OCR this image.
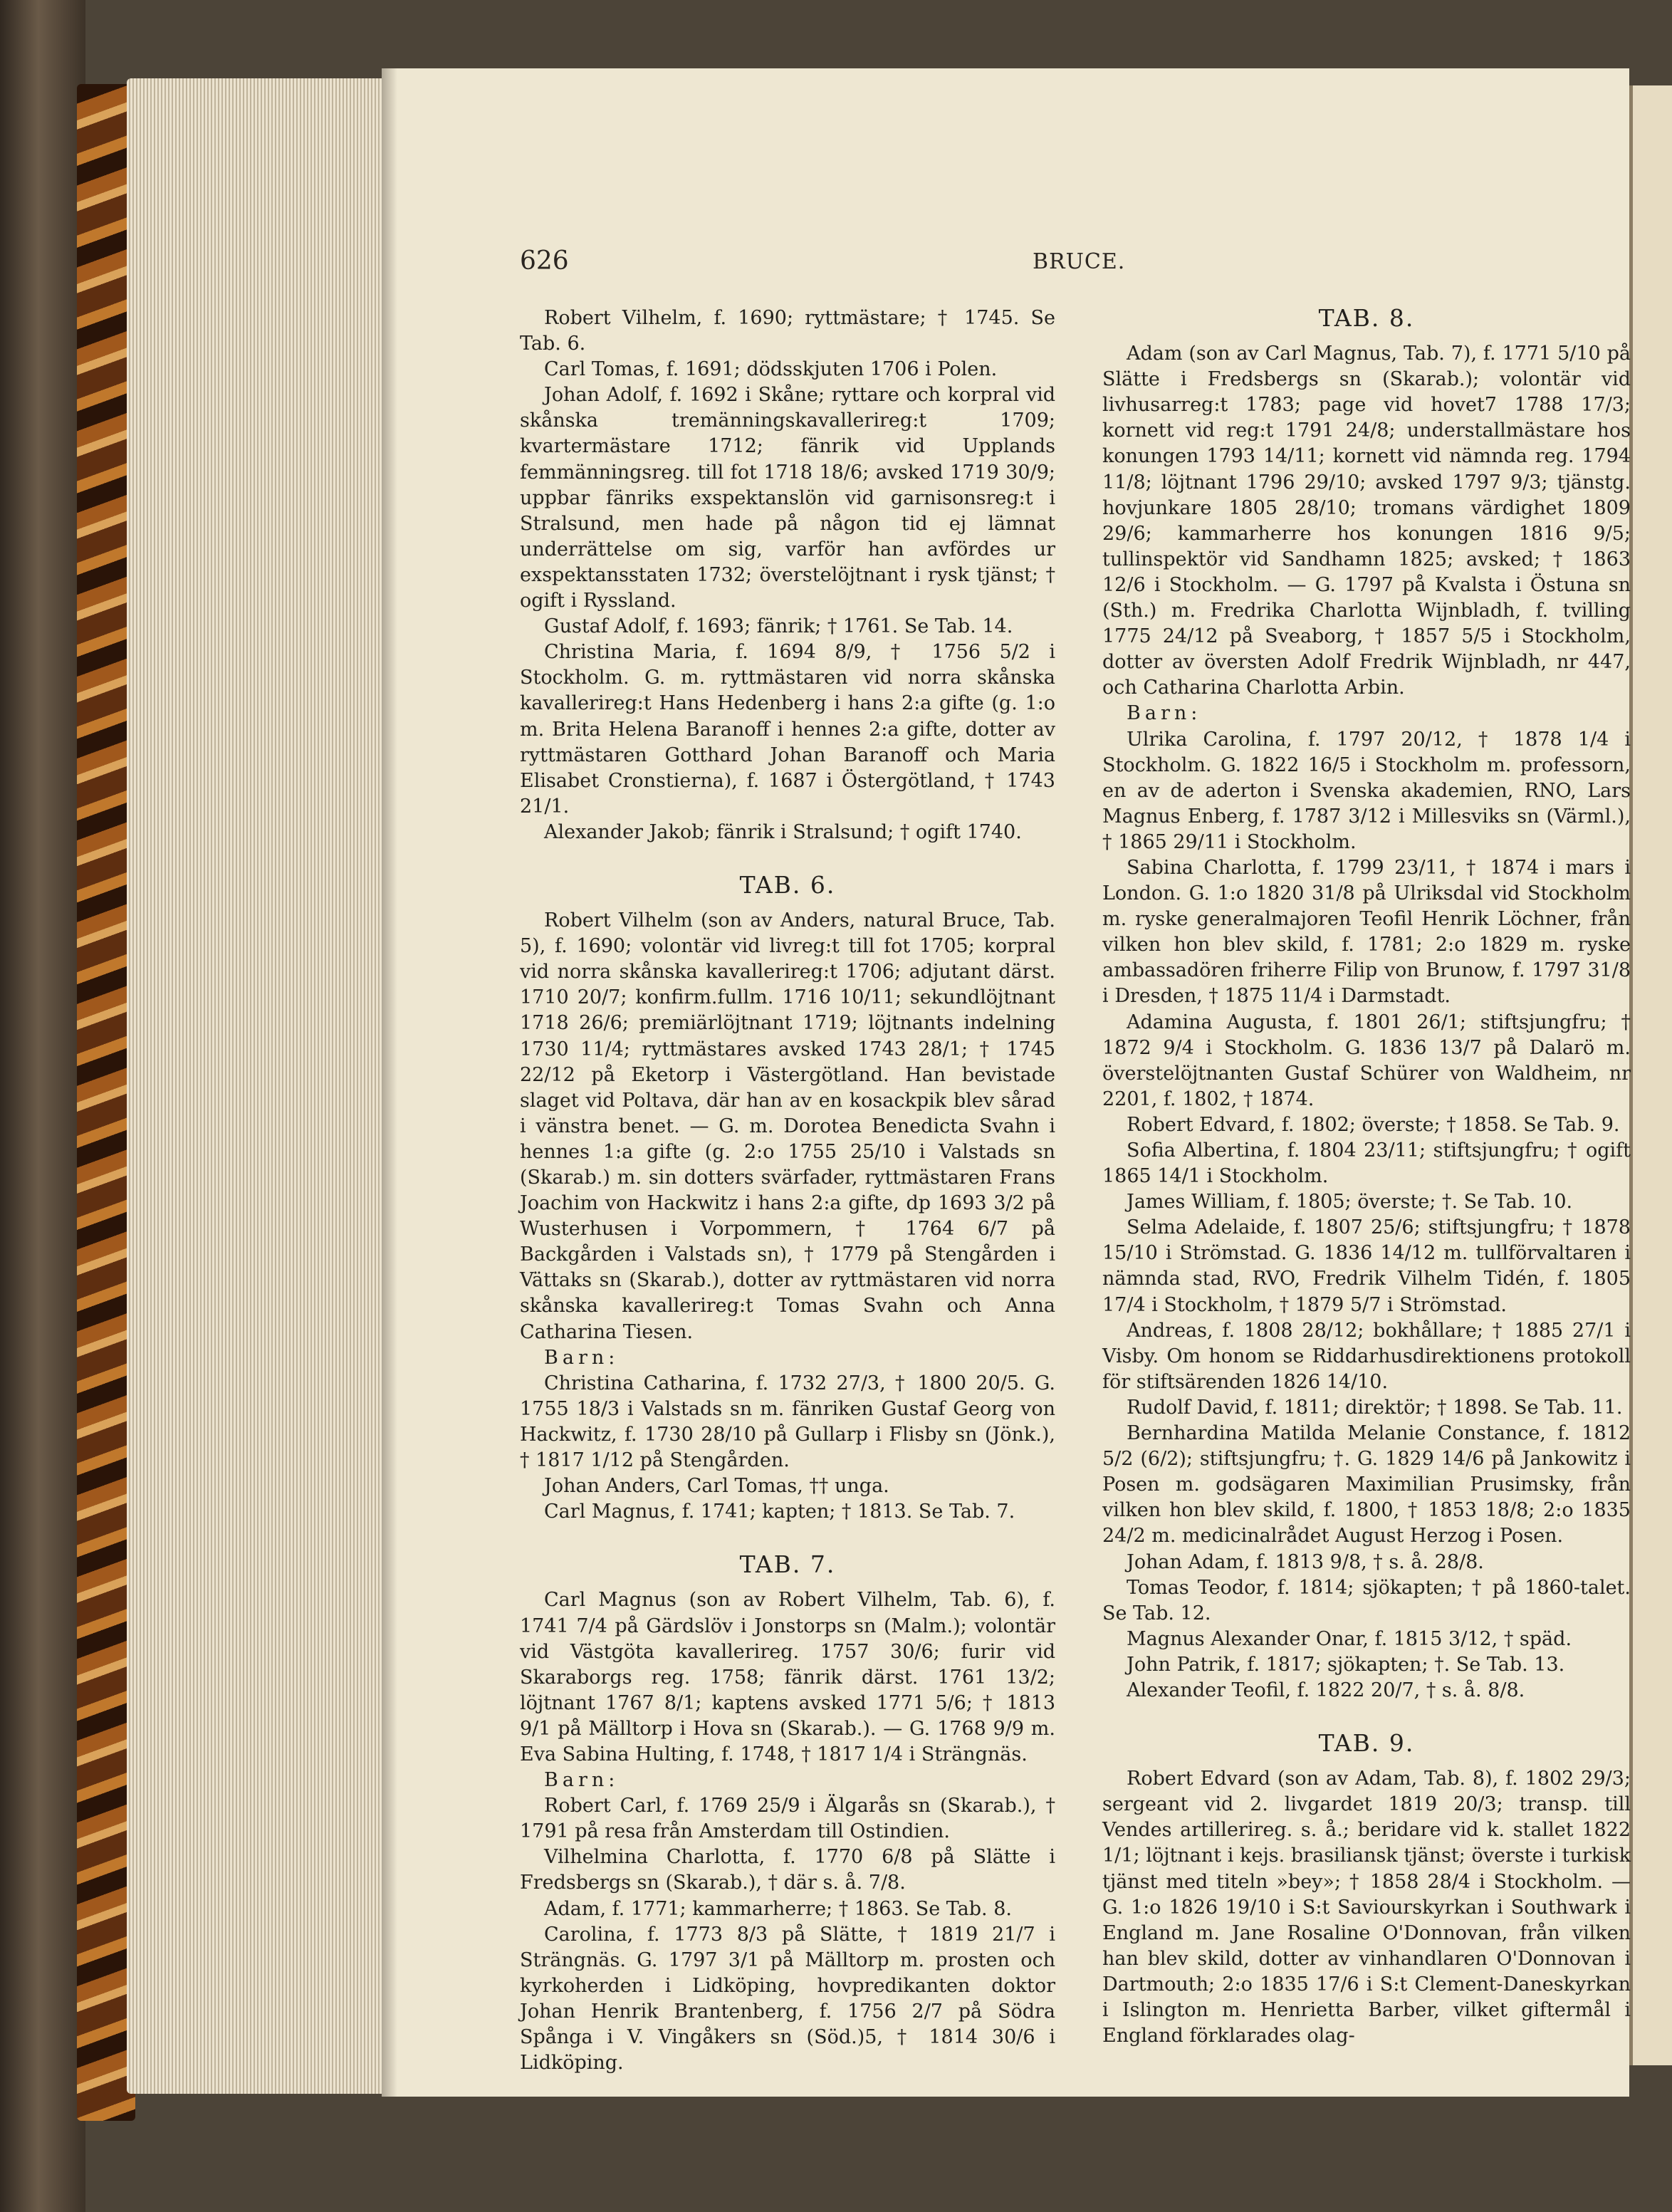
626	BRUCE.

Robert Vilhelm, f. 1690; ryttmästare; † 1745. Se Tab. 6.

Carl Tomas, f. 1691; dödsskjuten 1706 i Polen.

Johan Adolf, f. 1692 i Skåne; ryttare och korpral vid skånska tremänningskavallerireg:t 1709; kvartermästare 1712; fänrik vid Upplands femmänningsreg. till fot 1718 18/6; avsked 1719 30/9; uppbar fänriks exspektanslön vid garnisonsreg:t i Stralsund, men hade på någon tid ej lämnat underrättelse om sig, varför han avfördes ur exspektansstaten 1732; överstelöjtnant i rysk tjänst; † ogift i Ryssland.

Gustaf Adolf, f. 1693; fänrik; † 1761. Se Tab. 14.

Christina Maria, f. 1694 8/9, † 1756 5/2 i Stockholm. G. m. ryttmästaren vid norra skånska kavallerireg:t Hans Hedenberg i hans 2:a gifte (g. 1:o m. Brita Helena Baranoff i hennes 2:a gifte, dotter av ryttmästaren Gotthard Johan Baranoff och Maria Elisabet Cronstierna), f. 1687 i Östergötland, † 1743 21/1.

Alexander Jakob; fänrik i Stralsund; † ogift 1740.

TAB. 6.

Robert Vilhelm (son av Anders, natural Bruce, Tab. 5), f. 1690; volontär vid livreg:t till fot 1705; korpral vid norra skånska kavallerireg:t 1706; adjutant därst. 1710 20/7; konfirm.fullm. 1716 10/11; sekundlöjtnant 1718 26/6; premiärlöjtnant 1719; löjtnants indelning 1730 11/4; ryttmästares avsked 1743 28/1; † 1745 22/12 på Eketorp i Västergötland. Han bevistade slaget vid Poltava, där han av en kosackpik blev sårad i vänstra benet. — G. m. Dorotea Benedicta Svahn i hennes 1:a gifte (g. 2:o 1755 25/10 i Valstads sn (Skarab.) m. sin dotters svärfader, ryttmästaren Frans Joachim von Hackwitz i hans 2:a gifte, dp 1693 3/2 på Wusterhusen i Vorpommern, † 1764 6/7 på Backgården i Valstads sn), † 1779 på Stengården i Vättaks sn (Skarab.), dotter av ryttmästaren vid norra skånska kavallerireg:t Tomas Svahn och Anna Catharina Tiesen.

Barn:

Christina Catharina, f. 1732 27/3, † 1800 20/5. G. 1755 18/3 i Valstads sn m. fänriken Gustaf Georg von Hackwitz, f. 1730 28/10 på Gullarp i Flisby sn (Jönk.), † 1817 1/12 på Stengården.

Johan Anders, Carl Tomas, †† unga.

Carl Magnus, f. 1741; kapten; † 1813. Se Tab. 7.

TAB. 7.

Carl Magnus (son av Robert Vilhelm, Tab. 6), f. 1741 7/4 på Gärdslöv i Jonstorps sn (Malm.); volontär vid Västgöta kavallerireg. 1757 30/6; furir vid Skaraborgs reg. 1758; fänrik därst. 1761 13/2; löjtnant 1767 8/1; kaptens avsked 1771 5/6; † 1813 9/1 på Mälltorp i Hova sn (Skarab.). — G. 1768 9/9 m. Eva Sabina Hulting, f. 1748, † 1817 1/4 i Strängnäs.

Barn:

Robert Carl, f. 1769 25/9 i Älgarås sn (Skarab.), † 1791 på resa från Amsterdam till Ostindien.

Vilhelmina Charlotta, f. 1770 6/8 på Slätte i Fredsbergs sn (Skarab.), † där s. å. 7/8.

Adam, f. 1771; kammarherre; † 1863. Se Tab. 8.

Carolina, f. 1773 8/3 på Slätte, † 1819 21/7 i Strängnäs. G. 1797 3/1 på Mälltorp m. prosten och kyrkoherden i Lidköping, hovpredikanten doktor Johan Henrik Brantenberg, f. 1756 2/7 på Södra Spånga i V. Vingåkers sn (Söd.)5, † 1814 30/6 i Lidköping.

TAB. 8.

Adam (son av Carl Magnus, Tab. 7), f. 1771 5/10 på Slätte i Fredsbergs sn (Skarab.); volontär vid livhusarreg:t 1783; page vid hovet7 1788 17/3; kornett vid reg:t 1791 24/8; understallmästare hos konungen 1793 14/11; kornett vid nämnda reg. 1794 11/8; löjtnant 1796 29/10; avsked 1797 9/3; tjänstg. hovjunkare 1805 28/10; tromans värdighet 1809 29/6; kammarherre hos konungen 1816 9/5; tullinspektör vid Sandhamn 1825; avsked; † 1863 12/6 i Stockholm. — G. 1797 på Kvalsta i Östuna sn (Sth.) m. Fredrika Charlotta Wijnbladh, f. tvilling 1775 24/12 på Sveaborg, † 1857 5/5 i Stockholm, dotter av översten Adolf Fredrik Wijnbladh, nr 447, och Catharina Charlotta Arbin.

Barn:

Ulrika Carolina, f. 1797 20/12, † 1878 1/4 i Stockholm. G. 1822 16/5 i Stockholm m. professorn, en av de aderton i Svenska akademien, RNO, Lars Magnus Enberg, f. 1787 3/12 i Millesviks sn (Värml.), † 1865 29/11 i Stockholm.

Sabina Charlotta, f. 1799 23/11, † 1874 i mars i London. G. 1:o 1820 31/8 på Ulriksdal vid Stockholm m. ryske generalmajoren Teofil Henrik Löchner, från vilken hon blev skild, f. 1781; 2:o 1829 m. ryske ambassadören friherre Filip von Brunow, f. 1797 31/8 i Dresden, † 1875 11/4 i Darmstadt.

Adamina Augusta, f. 1801 26/1; stiftsjungfru; † 1872 9/4 i Stockholm. G. 1836 13/7 på Dalarö m. överstelöjtnanten Gustaf Schürer von Waldheim, nr 2201, f. 1802, † 1874.

Robert Edvard, f. 1802; överste; † 1858. Se Tab. 9.

Sofia Albertina, f. 1804 23/11; stiftsjungfru; † ogift 1865 14/1 i Stockholm.

James William, f. 1805; överste; †. Se Tab. 10.

Selma Adelaide, f. 1807 25/6; stiftsjungfru; † 1878 15/10 i Strömstad. G. 1836 14/12 m. tullförvaltaren i nämnda stad, RVO, Fredrik Vilhelm Tidén, f. 1805 17/4 i Stockholm, † 1879 5/7 i Strömstad.

Andreas, f. 1808 28/12; bokhållare; † 1885 27/1 i Visby. Om honom se Riddarhusdirektionens protokoll för stiftsärenden 1826 14/10.

Rudolf David, f. 1811; direktör; † 1898. Se Tab. 11.

Bernhardina Matilda Melanie Constance, f. 1812 5/2 (6/2); stiftsjungfru; †. G. 1829 14/6 på Jankowitz i Posen m. godsägaren Maximilian Prusimsky, från vilken hon blev skild, f. 1800, † 1853 18/8; 2:o 1835 24/2 m. medicinalrådet August Herzog i Posen.

Johan Adam, f. 1813 9/8, † s. å. 28/8.

Tomas Teodor, f. 1814; sjökapten; † på 1860-talet. Se Tab. 12.

Magnus Alexander Onar, f. 1815 3/12, † späd.

John Patrik, f. 1817; sjökapten; †. Se Tab. 13.

Alexander Teofil, f. 1822 20/7, † s. å. 8/8.

TAB. 9.

Robert Edvard (son av Adam, Tab. 8), f. 1802 29/3; sergeant vid 2. livgardet 1819 20/3; transp. till Vendes artillerireg. s. å.; beridare vid k. stallet 1822 1/1; löjtnant i kejs. brasiliansk tjänst; överste i turkisk tjänst med titeln »bey»; † 1858 28/4 i Stockholm. — G. 1:o 1826 19/10 i S:t Saviourskyrkan i Southwark i England m. Jane Rosaline O'Donnovan, från vilken han blev skild, dotter av vinhandlaren O'Donnovan i Dartmouth; 2:o 1835 17/6 i S:t Clement-Daneskyrkan i Islington m. Henrietta Barber, vilket giftermål i England förklarades olag-
